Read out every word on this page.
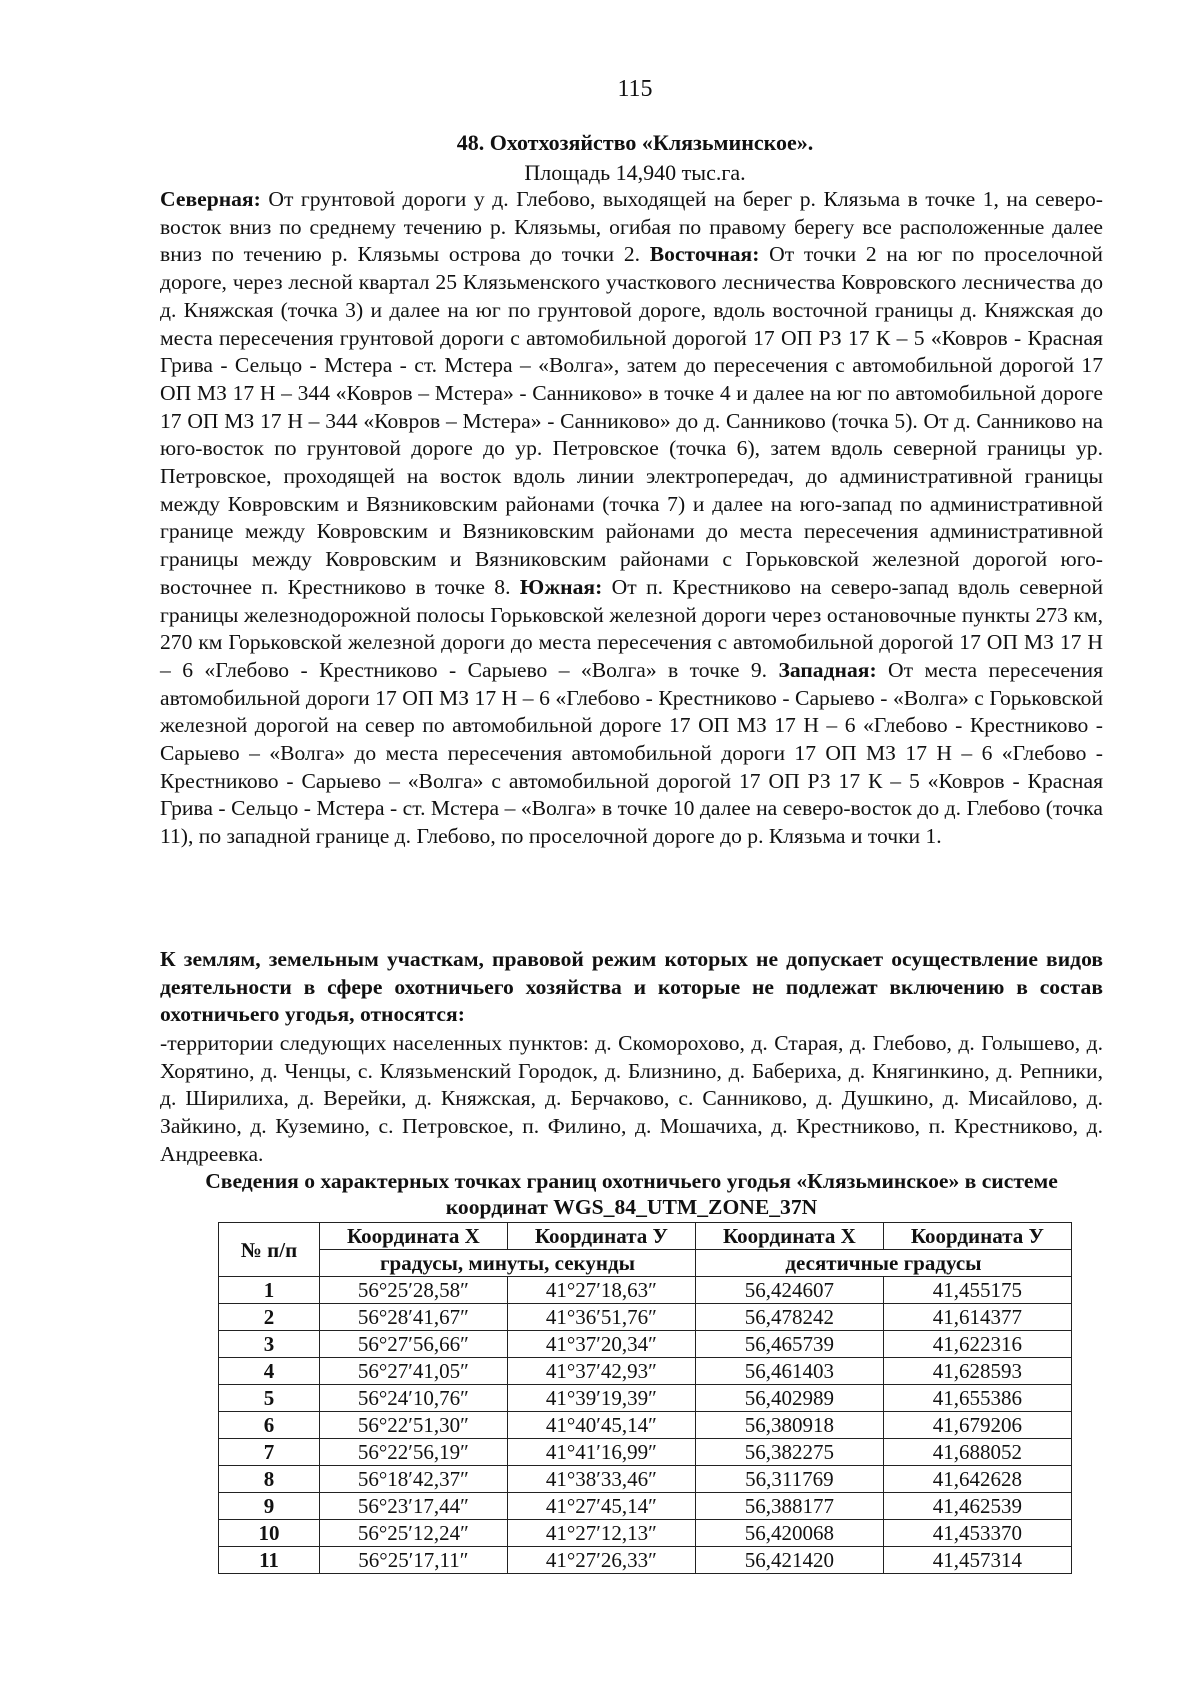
115
48. Охотхозяйство «Клязьминское».
Площадь 14,940 тыс.га.
Северная: От грунтовой дороги у д. Глебово, выходящей на берег р. Клязьма в точке 1, на северо-восток вниз по среднему течению р. Клязьмы, огибая по правому берегу все расположенные далее вниз по течению р. Клязьмы острова до точки 2. Восточная: От точки 2 на юг по проселочной дороге, через лесной квартал 25 Клязьменского участкового лесничества Ковровского лесничества до д. Княжская (точка 3) и далее на юг по грунтовой дороге, вдоль восточной границы д. Княжская до места пересечения грунтовой дороги с автомобильной дорогой 17 ОП РЗ 17 К – 5 «Ковров - Красная Грива - Сельцо - Мстера - ст. Мстера – «Волга», затем до пересечения с автомобильной дорогой 17 ОП МЗ 17 Н – 344 «Ковров – Мстера» - Санниково» в точке 4 и далее на юг по автомобильной дороге 17 ОП МЗ 17 Н – 344 «Ковров – Мстера» - Санниково» до д. Санниково (точка 5). От д. Санниково на юго-восток по грунтовой дороге до ур. Петровское (точка 6), затем вдоль северной границы ур. Петровское, проходящей на восток вдоль линии электропередач, до административной границы между Ковровским и Вязниковским районами (точка 7) и далее на юго-запад по административной границе между Ковровским и Вязниковским районами до места пересечения административной границы между Ковровским и Вязниковским районами с Горьковской железной дорогой юго-восточнее п. Крестниково в точке 8. Южная: От п. Крестниково на северо-запад вдоль северной границы железнодорожной полосы Горьковской железной дороги через остановочные пункты 273 км, 270 км Горьковской железной дороги до места пересечения с автомобильной дорогой 17 ОП МЗ 17 Н – 6 «Глебово - Крестниково - Сарыево – «Волга» в точке 9. Западная: От места пересечения автомобильной дороги 17 ОП МЗ 17 Н – 6 «Глебово - Крестниково - Сарыево - «Волга» с Горьковской железной дорогой на север по автомобильной дороге 17 ОП МЗ 17 Н – 6 «Глебово - Крестниково - Сарыево – «Волга» до места пересечения автомобильной дороги 17 ОП МЗ 17 Н – 6 «Глебово - Крестниково - Сарыево – «Волга» с автомобильной дорогой 17 ОП РЗ 17 К – 5 «Ковров - Красная Грива - Сельцо - Мстера - ст. Мстера – «Волга» в точке 10 далее на северо-восток до д. Глебово (точка 11), по западной границе д. Глебово, по проселочной дороге до р. Клязьма и точки 1.
К землям, земельным участкам, правовой режим которых не допускает осуществление видов деятельности в сфере охотничьего хозяйства и которые не подлежат включению в состав охотничьего угодья, относятся:
-территории следующих населенных пунктов: д. Скоморохово, д. Старая, д. Глебово, д. Голышево, д. Хорятино, д. Ченцы, с. Клязьменский Городок, д. Близнино, д. Бабериха, д. Княгинкино, д. Репники, д. Ширилиха, д. Верейки, д. Княжская, д. Берчаково, с. Санниково, д. Душкино, д. Мисайлово, д. Зайкино, д. Куземино, с. Петровское, п. Филино, д. Мошачиха, д. Крестниково, п. Крестниково, д. Андреевка.
Сведения о характерных точках границ охотничьего угодья «Клязьминское» в системе координат WGS_84_UTM_ZONE_37N
№ п/п	Координата X	Координата У	Координата X	Координата У
	градусы, минуты, секунды		десятичные градусы	
1	56°25′28,58″	41°27′18,63″	56,424607	41,455175
2	56°28′41,67″	41°36′51,76″	56,478242	41,614377
3	56°27′56,66″	41°37′20,34″	56,465739	41,622316
4	56°27′41,05″	41°37′42,93″	56,461403	41,628593
5	56°24′10,76″	41°39′19,39″	56,402989	41,655386
6	56°22′51,30″	41°40′45,14″	56,380918	41,679206
7	56°22′56,19″	41°41′16,99″	56,382275	41,688052
8	56°18′42,37″	41°38′33,46″	56,311769	41,642628
9	56°23′17,44″	41°27′45,14″	56,388177	41,462539
10	56°25′12,24″	41°27′12,13″	56,420068	41,453370
11	56°25′17,11″	41°27′26,33″	56,421420	41,457314
